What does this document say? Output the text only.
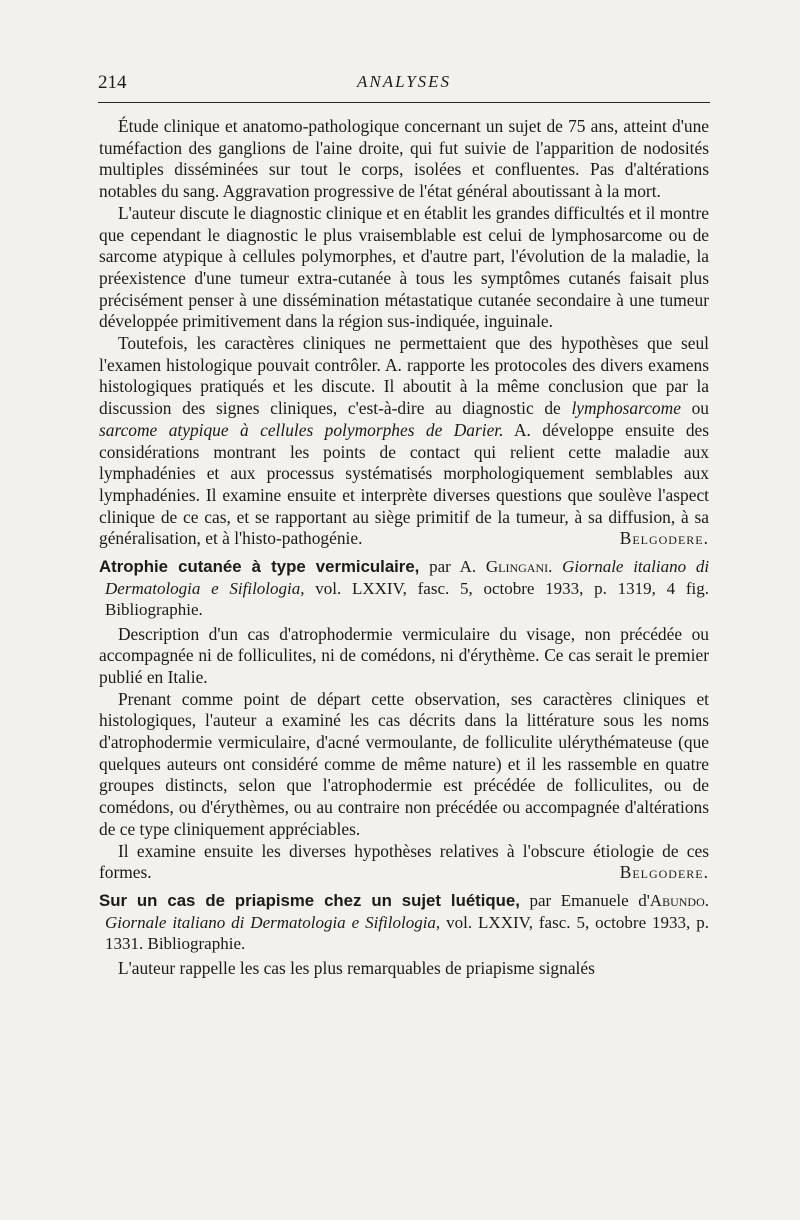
214	ANALYSES

Étude clinique et anatomo-pathologique concernant un sujet de 75 ans, atteint d'une tuméfaction des ganglions de l'aine droite, qui fut suivie de l'apparition de nodosités multiples disséminées sur tout le corps, isolées et confluentes. Pas d'altérations notables du sang. Aggravation progressive de l'état général aboutissant à la mort.

L'auteur discute le diagnostic clinique et en établit les grandes difficultés et il montre que cependant le diagnostic le plus vraisemblable est celui de lymphosarcome ou de sarcome atypique à cellules polymorphes, et d'autre part, l'évolution de la maladie, la préexistence d'une tumeur extra-cutanée à tous les symptômes cutanés faisait plus précisément penser à une dissémination métastatique cutanée secondaire à une tumeur développée primitivement dans la région sus-indiquée, inguinale.

Toutefois, les caractères cliniques ne permettaient que des hypothèses que seul l'examen histologique pouvait contrôler. A. rapporte les protocoles des divers examens histologiques pratiqués et les discute. Il aboutit à la même conclusion que par la discussion des signes cliniques, c'est-à-dire au diagnostic de lymphosarcome ou sarcome atypique à cellules polymorphes de Darier. A. développe ensuite des considérations montrant les points de contact qui relient cette maladie aux lymphadénies et aux processus systématisés morphologiquement semblables aux lymphadénies. Il examine ensuite et interprète diverses questions que soulève l'aspect clinique de ce cas, et se rapportant au siège primitif de la tumeur, à sa diffusion, à sa généralisation, et à l'histo-pathogénie.	Belgodere.

Atrophie cutanée à type vermiculaire, par A. Glingani. Giornale italiano di Dermatologia e Sifilologia, vol. LXXIV, fasc. 5, octobre 1933, p. 1319, 4 fig. Bibliographie.

Description d'un cas d'atrophodermie vermiculaire du visage, non précédée ou accompagnée ni de folliculites, ni de comédons, ni d'érythème. Ce cas serait le premier publié en Italie.

Prenant comme point de départ cette observation, ses caractères cliniques et histologiques, l'auteur a examiné les cas décrits dans la littérature sous les noms d'atrophodermie vermiculaire, d'acné vermoulante, de folliculite ulérythémateuse (que quelques auteurs ont considéré comme de même nature) et il les rassemble en quatre groupes distincts, selon que l'atrophodermie est précédée de folliculites, ou de comédons, ou d'érythèmes, ou au contraire non précédée ou accompagnée d'altérations de ce type cliniquement appréciables.

Il examine ensuite les diverses hypothèses relatives à l'obscure étiologie de ces formes.	Belgodere.

Sur un cas de priapisme chez un sujet luétique, par Emanuele d'Abundo. Giornale italiano di Dermatologia e Sifilologia, vol. LXXIV, fasc. 5, octobre 1933, p. 1331. Bibliographie.

L'auteur rappelle les cas les plus remarquables de priapisme signalés
